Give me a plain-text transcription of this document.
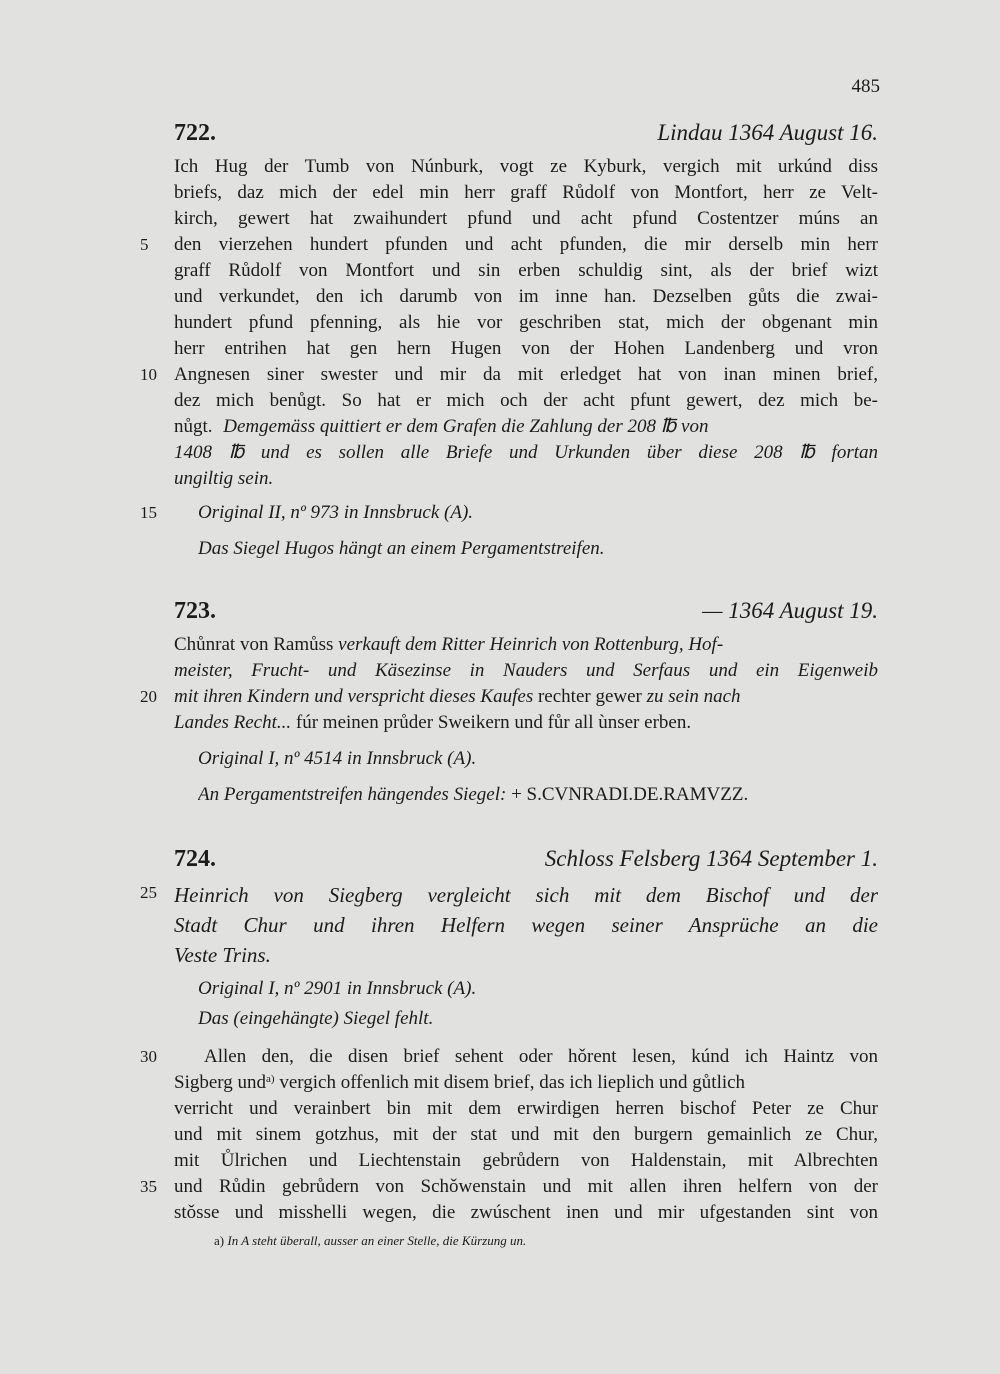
485
722.	Lindau 1364 August 16.
Ich Hug der Tumb von Núnburk, vogt ze Kyburk, vergich mit urkúnd diss
briefs, daz mich der edel min herr graff Růdolf von Montfort, herr ze Velt-
kirch, gewert hat zwaihundert pfund und acht pfund Costentzer múns an
5	den vierzehen hundert pfunden und acht pfunden, die mir derselb min herr
graff Růdolf von Montfort und sin erben schuldig sint, als der brief wizt
und verkundet, den ich darumb von im inne han. Dezselben gůts die zwai-
hundert pfund pfenning, als hie vor geschriben stat, mich der obgenant min
herr entrihen hat gen hern Hugen von der Hohen Landenberg und vron
10 Angnesen siner swester und mir da mit erledget hat von inan minen brief,
dez mich benůgt. So hat er mich och der acht pfunt gewert, dez mich be-
nůgt. Demgemäss quittiert er dem Grafen die Zahlung der 208 ℔ von
1408 ℔ und es sollen alle Briefe und Urkunden über diese 208 ℔ fortan
ungiltig sein.
15	Original II, nº 973 in Innsbruck (A).
Das Siegel Hugos hängt an einem Pergamentstreifen.
723.	— 1364 August 19.
Chůnrat von Ramůss verkauft dem Ritter Heinrich von Rottenburg, Hof-
meister, Frucht- und Käsezinse in Nauders und Serfaus und ein Eigenweib
20 mit ihren Kindern und verspricht dieses Kaufes rechter gewer zu sein nach
Landes Recht... fúr meinen průder Sweikern und fůr all ùnser erben.
Original I, nº 4514 in Innsbruck (A).
An Pergamentstreifen hängendes Siegel: + S.CVNRADI.DE.RAMVZZ.
724.	Schloss Felsberg 1364 September 1.
25 Heinrich von Siegberg vergleicht sich mit dem Bischof und der
Stadt Chur und ihren Helfern wegen seiner Ansprüche an die
Veste Trins.
Original I, nº 2901 in Innsbruck (A).
Das (eingehängte) Siegel fehlt.
30	Allen den, die disen brief sehent oder hǒrent lesen, kúnd ich Haintz von
Sigberg und$^{a)}$ vergich offenlich mit disem brief, das ich lieplich und gůtlich
verricht und verainbert bin mit dem erwirdigen herren bischof Peter ze Chur
und mit sinem gotzhus, mit der stat und mit den burgern gemainlich ze Chur,
mit Ůlrichen und Liechtenstain gebrůdern von Haldenstain, mit Albrechten
35 und Růdin gebrůdern von Schǒwenstain und mit allen ihren helfern von der
stǒsse und misshelli wegen, die zwúschent inen und mir ufgestanden sint von
a) In A steht überall, ausser an einer Stelle, die Kürzung un.
